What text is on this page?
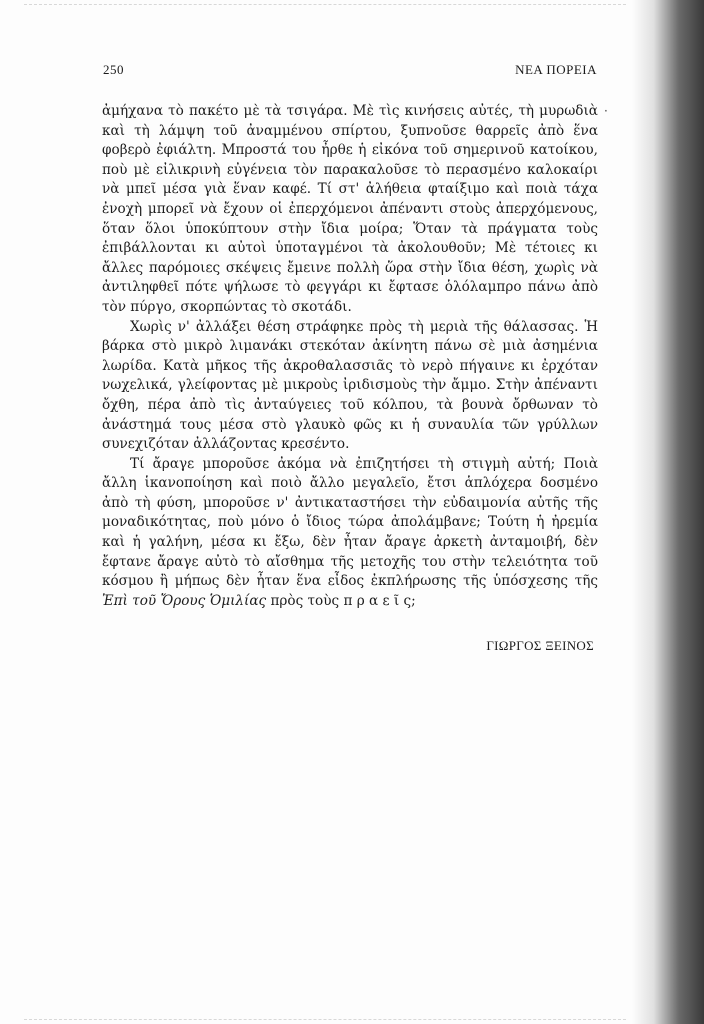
250	ΝΕΑ ΠΟΡΕΙΑ
·

ἀμήχανα τὸ πακέτο μὲ τὰ τσιγάρα. Μὲ τὶς κινήσεις αὐτές, τὴ μυρωδιὰ καὶ τὴ λάμψη τοῦ ἀναμμένου σπίρτου, ξυπνοῦσε θαρρεῖς ἀπὸ ἕνα φοβερὸ ἐφιάλτη. Μπροστά του ἦρθε ἡ εἰκόνα τοῦ σημερινοῦ κατοίκου, ποὺ μὲ εἰλικρινὴ εὐγένεια τὸν παρακαλοῦσε τὸ περασμένο καλοκαίρι νὰ μπεῖ μέσα γιὰ ἕναν καφέ. Τί στ' ἀλήθεια φταίξιμο καὶ ποιὰ τάχα ἐνοχὴ μπορεῖ νὰ ἔχουν οἱ ἐπερχόμενοι ἀπέναντι στοὺς ἀπερχόμενους, ὅταν ὅλοι ὑποκύπτουν στὴν ἴδια μοίρα; Ὅταν τὰ πράγματα τοὺς ἐπιβάλλονται κι αὐτοὶ ὑποταγμένοι τὰ ἀκολουθοῦν; Μὲ τέτοιες κι ἄλλες παρόμοιες σκέψεις ἔμεινε πολλὴ ὥρα στὴν ἴδια θέση, χωρὶς νὰ ἀντιληφθεῖ πότε ψήλωσε τὸ φεγγάρι κι ἔφτασε ὁλόλαμπρο πάνω ἀπὸ τὸν πύργο, σκορπώντας τὸ σκοτάδι.

Χωρὶς ν' ἀλλάξει θέση στράφηκε πρὸς τὴ μεριὰ τῆς θάλασσας. Ἡ βάρκα στὸ μικρὸ λιμανάκι στεκόταν ἀκίνητη πάνω σὲ μιὰ ἀσημένια λωρίδα. Κατὰ μῆκος τῆς ἀκροθαλασσιᾶς τὸ νερὸ πήγαινε κι ἐρχόταν νωχελικά, γλείφοντας μὲ μικροὺς ἰριδισμοὺς τὴν ἄμμο. Στὴν ἀπέναντι ὄχθη, πέρα ἀπὸ τὶς ἀνταύγειες τοῦ κόλπου, τὰ βουνὰ ὄρθωναν τὸ ἀνάστημά τους μέσα στὸ γλαυκὸ φῶς κι ἡ συναυλία τῶν γρύλλων συνεχιζόταν ἀλλάζοντας κρεσέντο.

Τί ἄραγε μποροῦσε ἀκόμα νὰ ἐπιζητήσει τὴ στιγμὴ αὐτή; Ποιὰ ἄλλη ἱκανοποίηση καὶ ποιὸ ἄλλο μεγαλεῖο, ἔτσι ἁπλόχερα δοσμένο ἀπὸ τὴ φύση, μποροῦσε ν' ἀντικαταστήσει τὴν εὐδαιμονία αὐτῆς τῆς μοναδικότητας, ποὺ μόνο ὁ ἴδιος τώρα ἀπολάμβανε; Τούτη ἡ ἠρεμία καὶ ἡ γαλήνη, μέσα κι ἔξω, δὲν ἦταν ἄραγε ἀρκετὴ ἀνταμοιβή, δὲν ἔφτανε ἄραγε αὐτὸ τὸ αἴσθημα τῆς μετοχῆς του στὴν τελειότητα τοῦ κόσμου ἢ μήπως δὲν ἦταν ἕνα εἶδος ἐκπλήρωσης τῆς ὑπόσχεσης τῆς Ἐπὶ τοῦ Ὄρους Ὁμιλίας πρὸς τοὺς π ρ α ε ῖ ς;

ΓΙΩΡΓΟΣ ΞΕΙΝΟΣ
